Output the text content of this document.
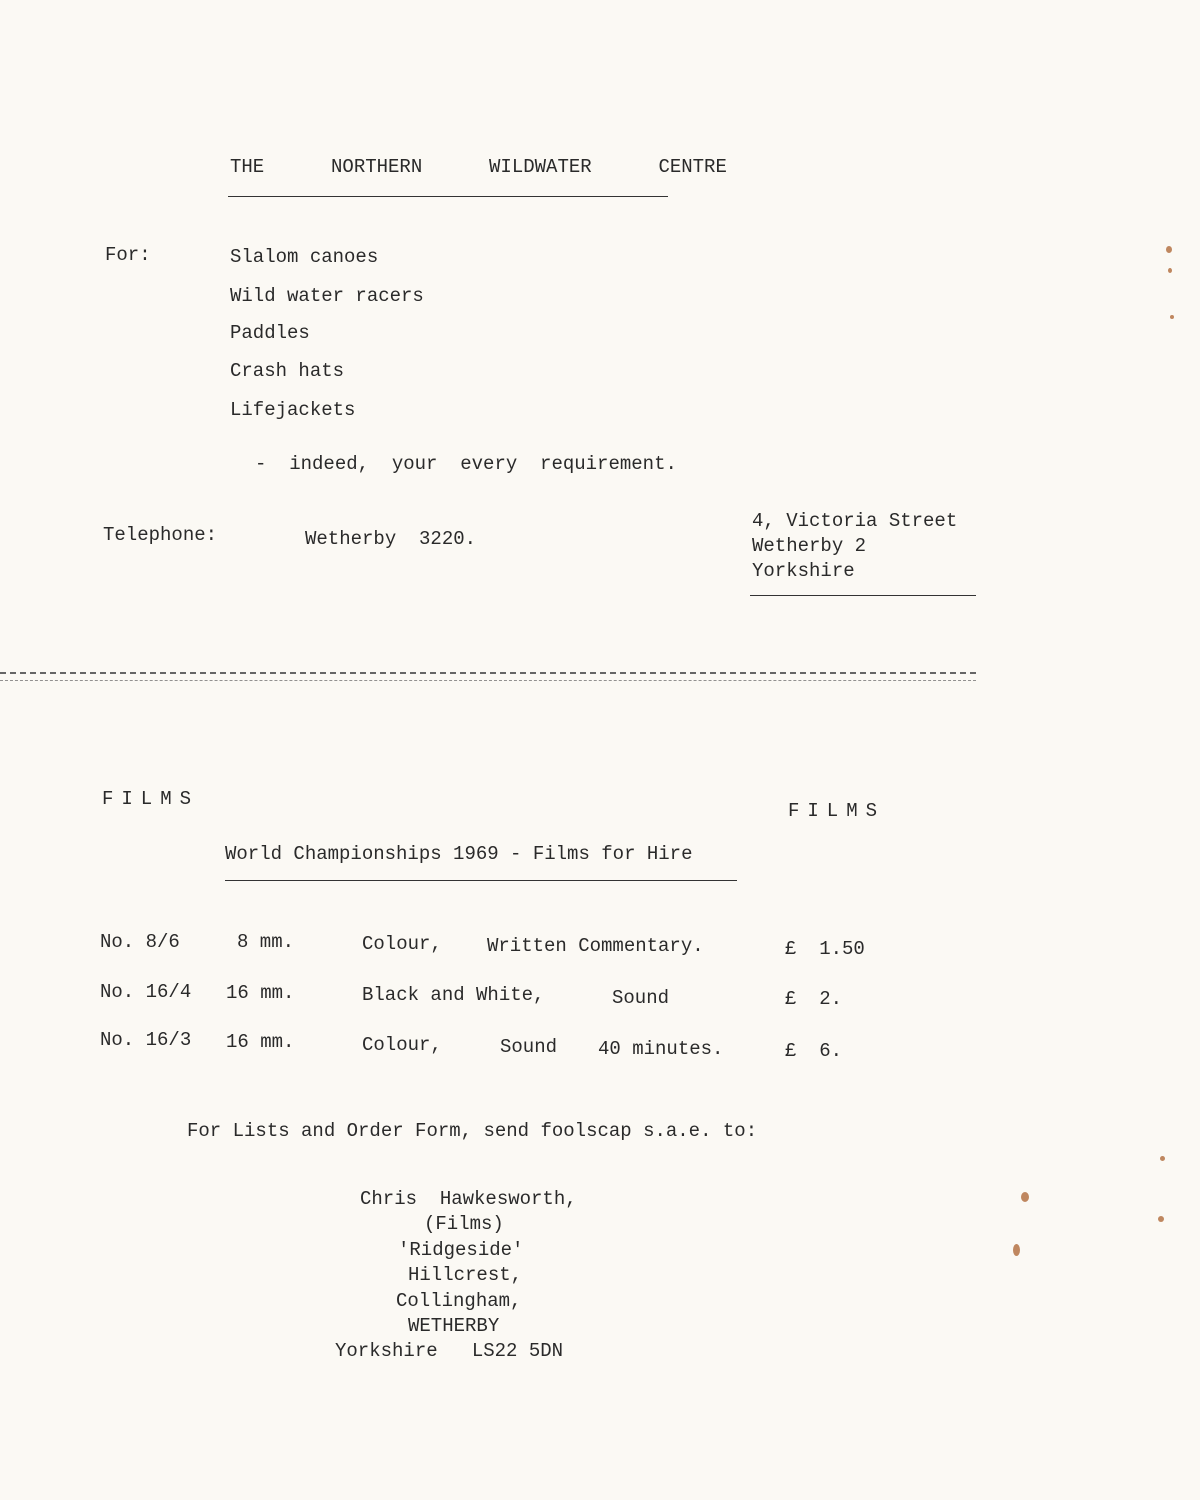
THE  NORTHERN  WILDWATER  CENTRE
For:	Slalom canoes
Wild water racers
Paddles
Crash hats
Lifejackets
-  indeed,  your  every  requirement.
Telephone:	Wetherby  3220.
4, Victoria Street
Wetherby 2
Yorkshire
FILMS
FILMS
World Championships 1969 - Films for Hire
No. 8/6	8 mm.	Colour, Written Commentary.	£  1.50
No. 16/4 16 mm.	Black and White,	Sound	£  2.
No. 16/3 16 mm.	Colour,	Sound 40 minutes.	£  6.
For Lists and Order Form, send foolscap s.a.e. to:
Chris  Hawkesworth,
(Films)
'Ridgeside'
Hillcrest,
Collingham,
WETHERBY
Yorkshire   LS22 5DN
